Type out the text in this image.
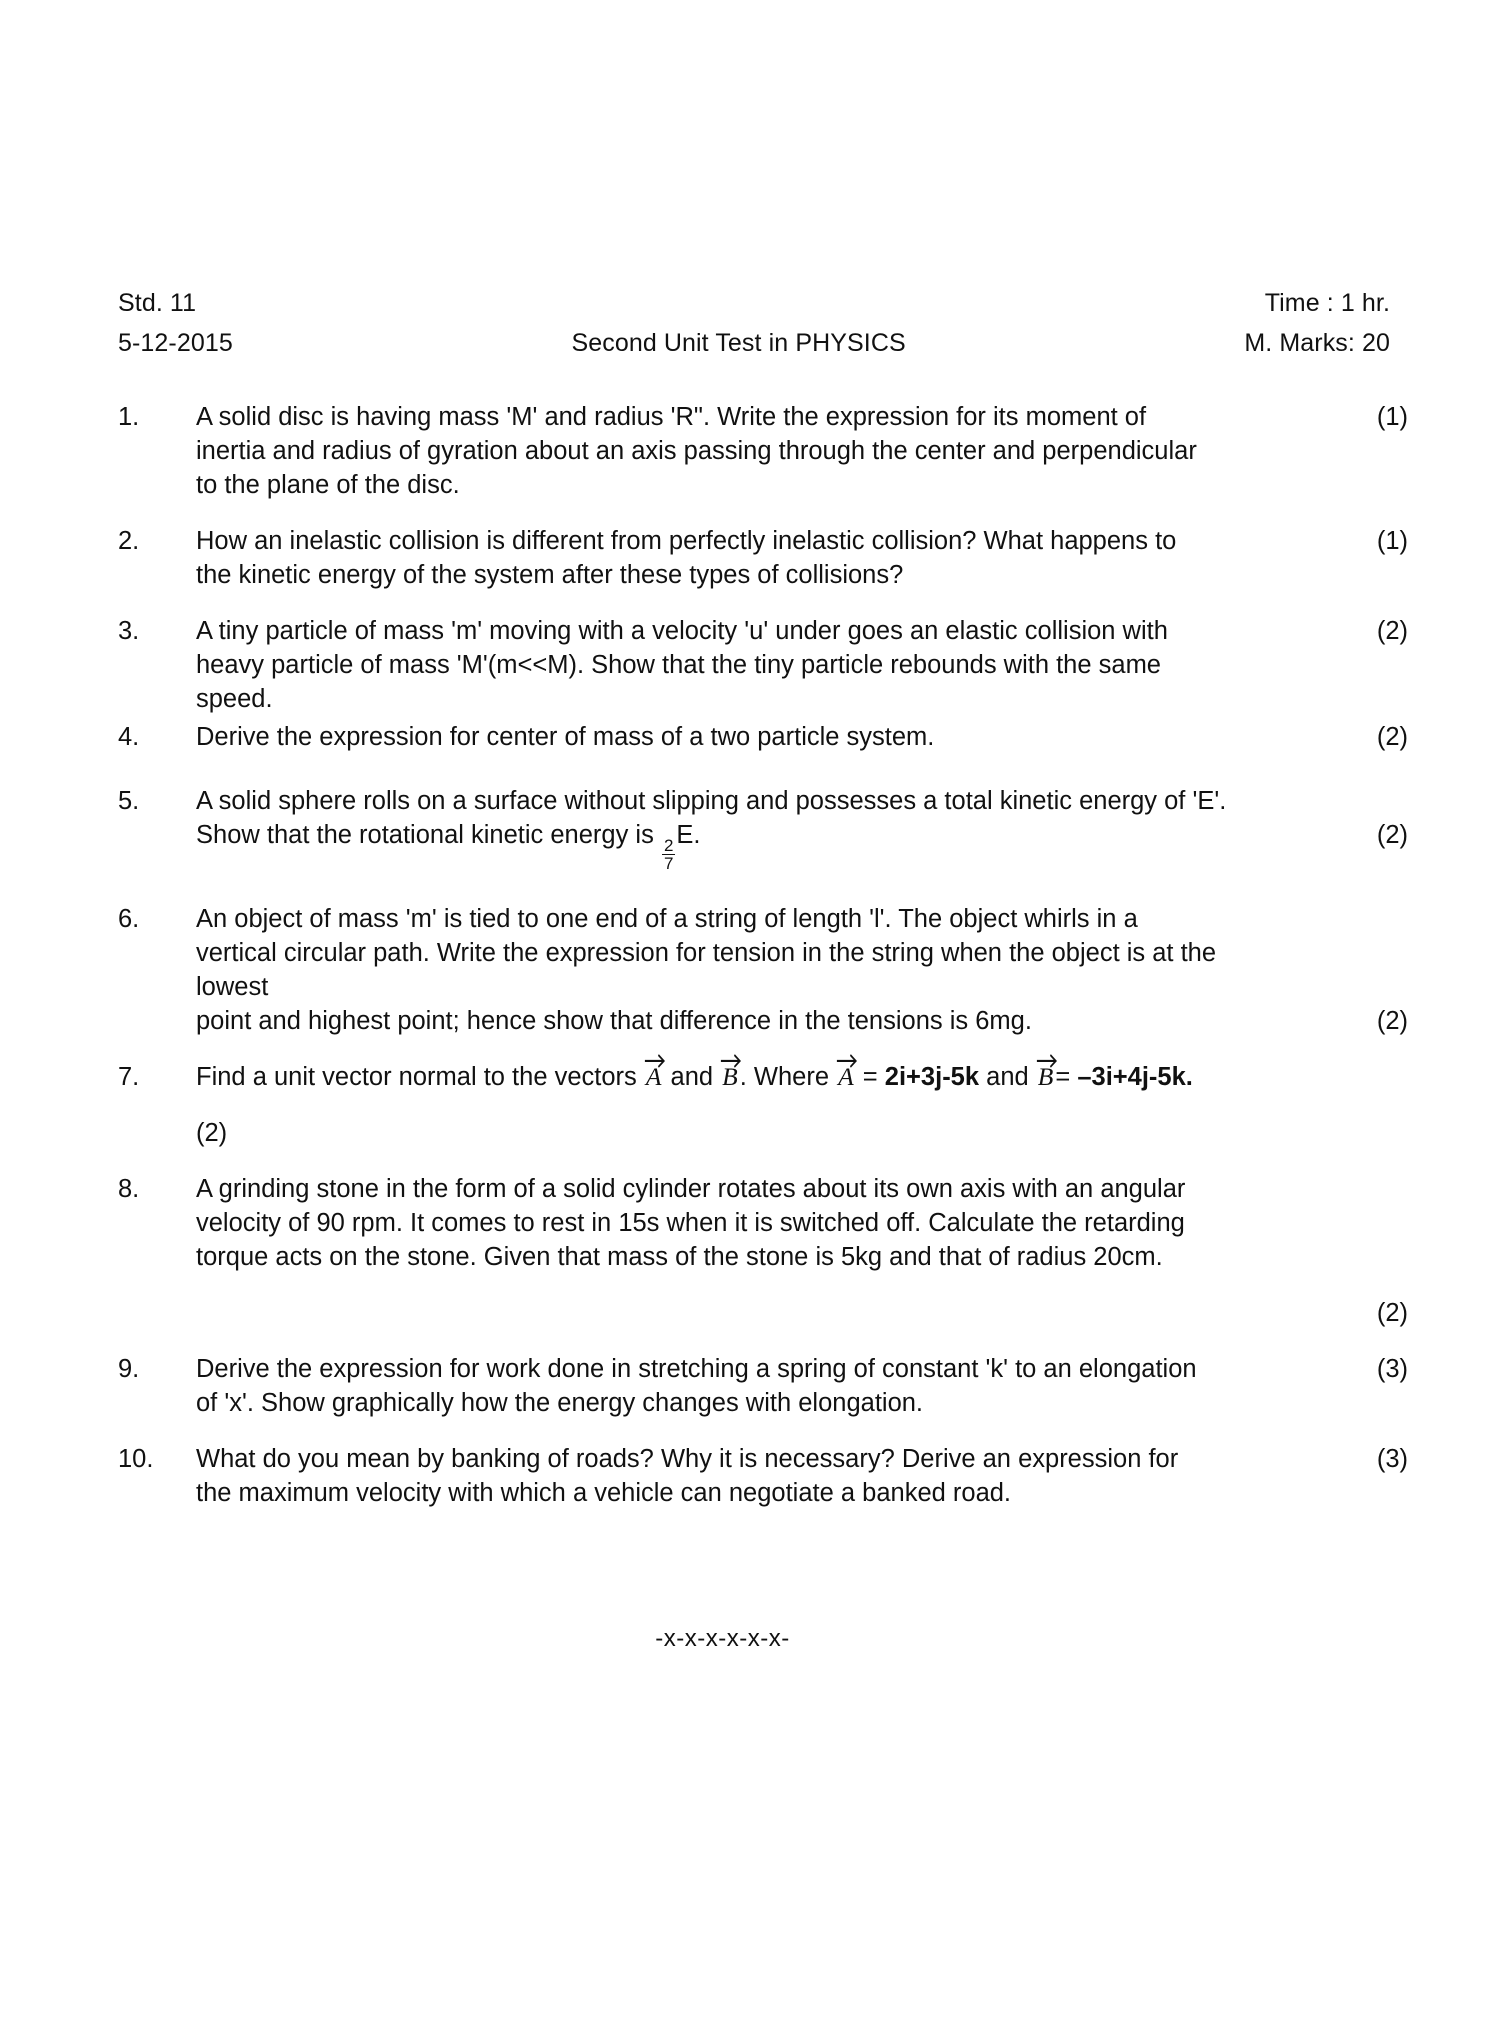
Std. 11	Time : 1 hr.
5-12-2015	Second Unit Test in PHYSICS	M. Marks: 20
1.	(1)
A solid disc is having mass 'M' and radius 'R". Write the expression for its moment of
inertia and radius of gyration about an axis passing through the center and perpendicular
to the plane of the disc.
2.	(1)
How an inelastic collision is different from perfectly inelastic collision? What happens to
the kinetic energy of the system after these types of collisions?
3.	(2)
A tiny particle of mass 'm' moving with a velocity 'u' under goes an elastic collision with
heavy particle of mass 'M'(m<<M). Show that the tiny particle rebounds with the same
speed.
4.	(2)
Derive the expression for center of mass of a two particle system.
5.	A solid sphere rolls on a surface without slipping and possesses a total kinetic energy of 'E'.
(2)
Show that the rotational kinetic energy is
$\frac{2}{7}$
E.
6.	An object of mass 'm' is tied to one end of a string of length 'l'. The object whirls in a
vertical circular path. Write the expression for tension in the string when the object is at the
lowest
(2)
point and highest point; hence show that difference in the tensions is 6mg.
7.	Find a unit vector normal to the vectors
A and
B. Where
A = 2i+3j-5k and
B= –3i+4j-5k.
(2)
8.	A grinding stone in the form of a solid cylinder rotates about its own axis with an angular
velocity of 90 rpm. It comes to rest in 15s when it is switched off. Calculate the retarding
torque acts on the stone. Given that mass of the stone is 5kg and that of radius 20cm.
(2)
9.	(3)
Derive the expression for work done in stretching a spring of constant 'k' to an elongation
of 'x'. Show graphically how the energy changes with elongation.
10.	(3)
What do you mean by banking of roads? Why it is necessary? Derive an expression for
the maximum velocity with which a vehicle can negotiate a banked road.
-x-x-x-x-x-x-
